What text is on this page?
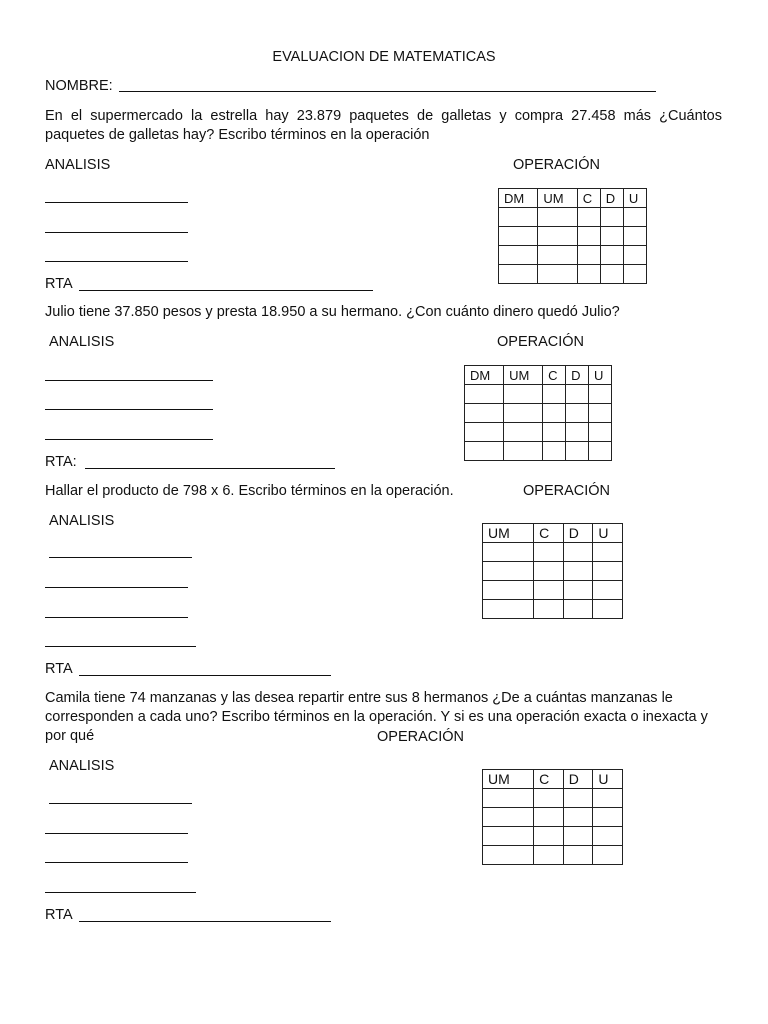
EVALUACION DE MATEMATICAS
NOMBRE:
En el supermercado la estrella hay 23.879 paquetes de galletas y compra 27.458 más ¿Cuántos paquetes de galletas hay? Escribo términos en la operación
ANALISIS	OPERACIÓN
RTA
DM	UM	C	D	U

Julio tiene 37.850 pesos y presta 18.950 a su hermano. ¿Con cuánto dinero quedó Julio?
ANALISIS	OPERACIÓN
RTA:
DM	UM	C	D	U

Hallar el producto de 798 x 6. Escribo términos en la operación.	OPERACIÓN
ANALISIS
RTA
UM	C	D	U

Camila tiene 74 manzanas y las desea repartir entre sus 8 hermanos ¿De a cuántas manzanas le corresponden a cada uno? Escribo términos en la operación. Y si es una operación exacta o inexacta y por qué	OPERACIÓN
ANALISIS
RTA
UM	C	D	U
